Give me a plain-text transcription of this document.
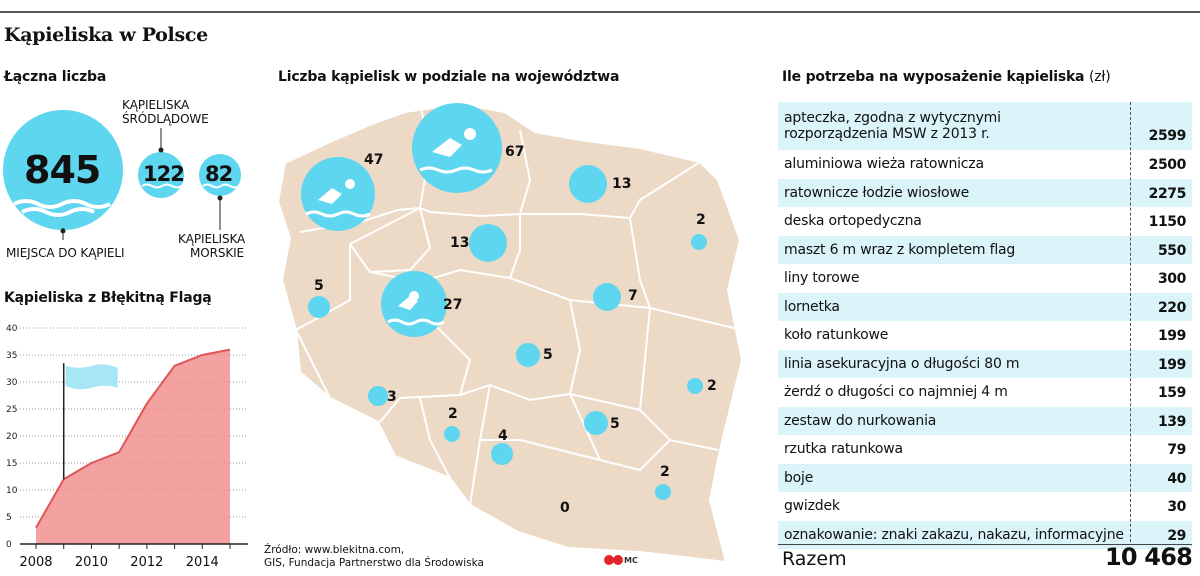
Kąpieliska w Polsce
Łączna liczba
845
MIEJSCA DO KĄPIELI
122
KĄPIELISKA
ŚRÓDLĄDOWE
82
KĄPIELISKA
MORSKIE
Kąpieliska z Błękitną Flagą
0
5
10
15
20
25
30
35
40
2008 2010 2012 2014
Liczba kąpielisk w podziale na województwa
47	67
13
2
13
5
27
7
5
3
2
2
4
5
2
0
Źródło: www.blekitna.com,
GIS, Fundacja Partnerstwo dla Środowiska	MC
Ile potrzeba na wyposażenie kąpieliska (zł)
apteczka, zgodna z wytycznymi
rozporządzenia MSW z 2013 r.	2599
aluminiowa wieża ratownicza	2500
ratownicze łodzie wiosłowe	2275
deska ortopedyczna	1150
maszt 6 m wraz z kompletem flag	550
liny torowe	300
lornetka	220
koło ratunkowe	199
linia asekuracyjna o długości 80 m	199
żerdź o długości co najmniej 4 m	159
zestaw do nurkowania	139
rzutka ratunkowa	79
boje	40
gwizdek	30
oznakowanie: znaki zakazu, nakazu, informacyjne	29
Razem	10 468
